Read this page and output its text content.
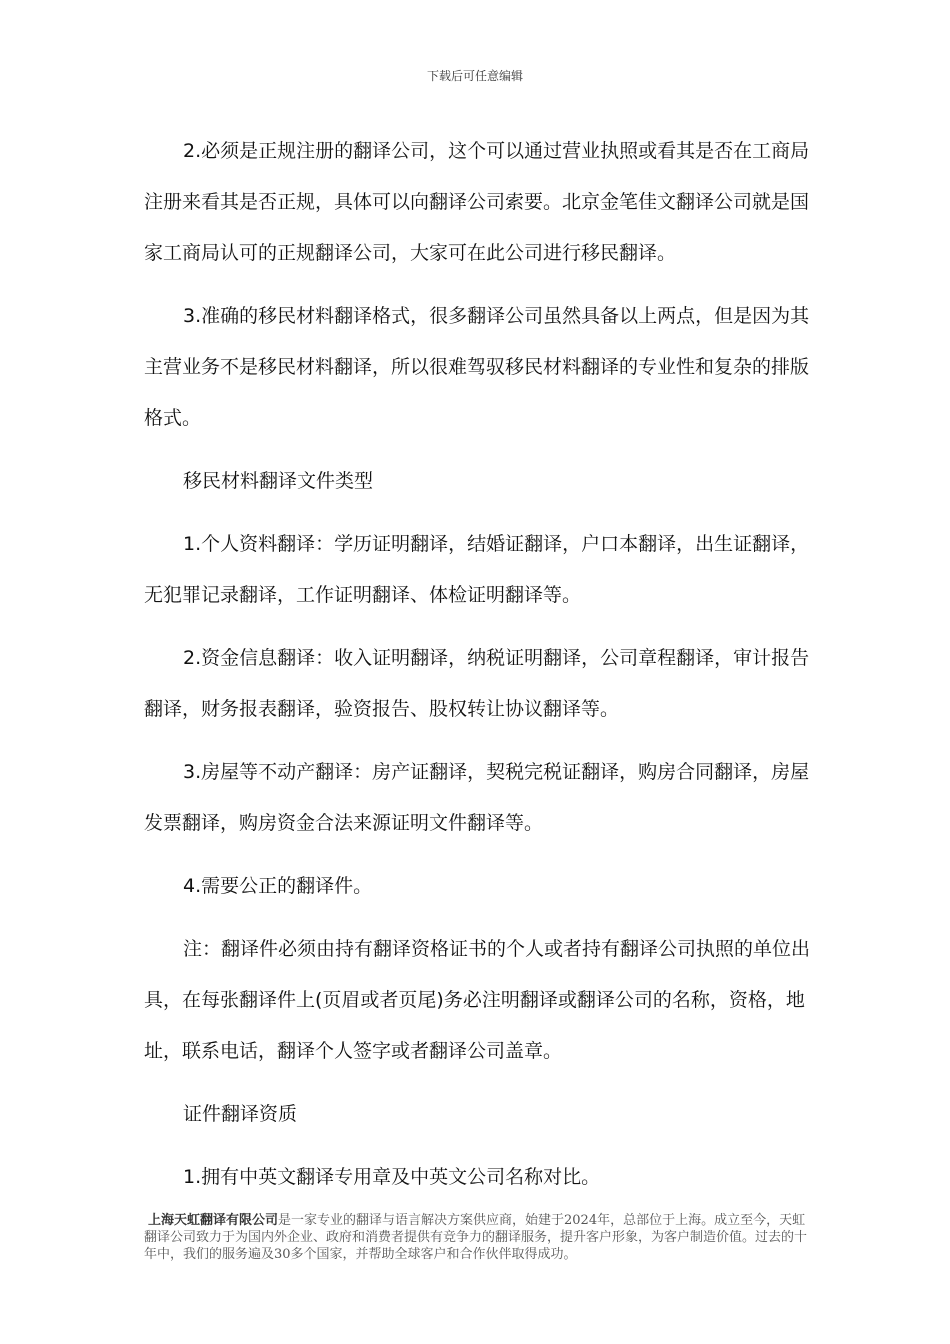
下载后可任意编辑

2.必须是正规注册的翻译公司，这个可以通过营业执照或看其是否在工商局注册来看其是否正规，具体可以向翻译公司索要。北京金笔佳文翻译公司就是国家工商局认可的正规翻译公司，大家可在此公司进行移民翻译。

3.准确的移民材料翻译格式，很多翻译公司虽然具备以上两点，但是因为其主营业务不是移民材料翻译，所以很难驾驭移民材料翻译的专业性和复杂的排版格式。

移民材料翻译文件类型

1.个人资料翻译：学历证明翻译，结婚证翻译，户口本翻译，出生证翻译，无犯罪记录翻译，工作证明翻译、体检证明翻译等。

2.资金信息翻译：收入证明翻译，纳税证明翻译，公司章程翻译，审计报告翻译，财务报表翻译，验资报告、股权转让协议翻译等。

3.房屋等不动产翻译：房产证翻译，契税完税证翻译，购房合同翻译，房屋发票翻译，购房资金合法来源证明文件翻译等。

4.需要公正的翻译件。

注：翻译件必须由持有翻译资格证书的个人或者持有翻译公司执照的单位出具，在每张翻译件上(页眉或者页尾)务必注明翻译或翻译公司的名称，资格，地址，联系电话，翻译个人签字或者翻译公司盖章。

证件翻译资质

1.拥有中英文翻译专用章及中英文公司名称对比。

上海天虹翻译有限公司是一家专业的翻译与语言解决方案供应商，始建于2024年，总部位于上海。成立至今，天虹翻译公司致力于为国内外企业、政府和消费者提供有竞争力的翻译服务，提升客户形象，为客户制造价值。过去的十年中，我们的服务遍及30多个国家，并帮助全球客户和合作伙伴取得成功。
